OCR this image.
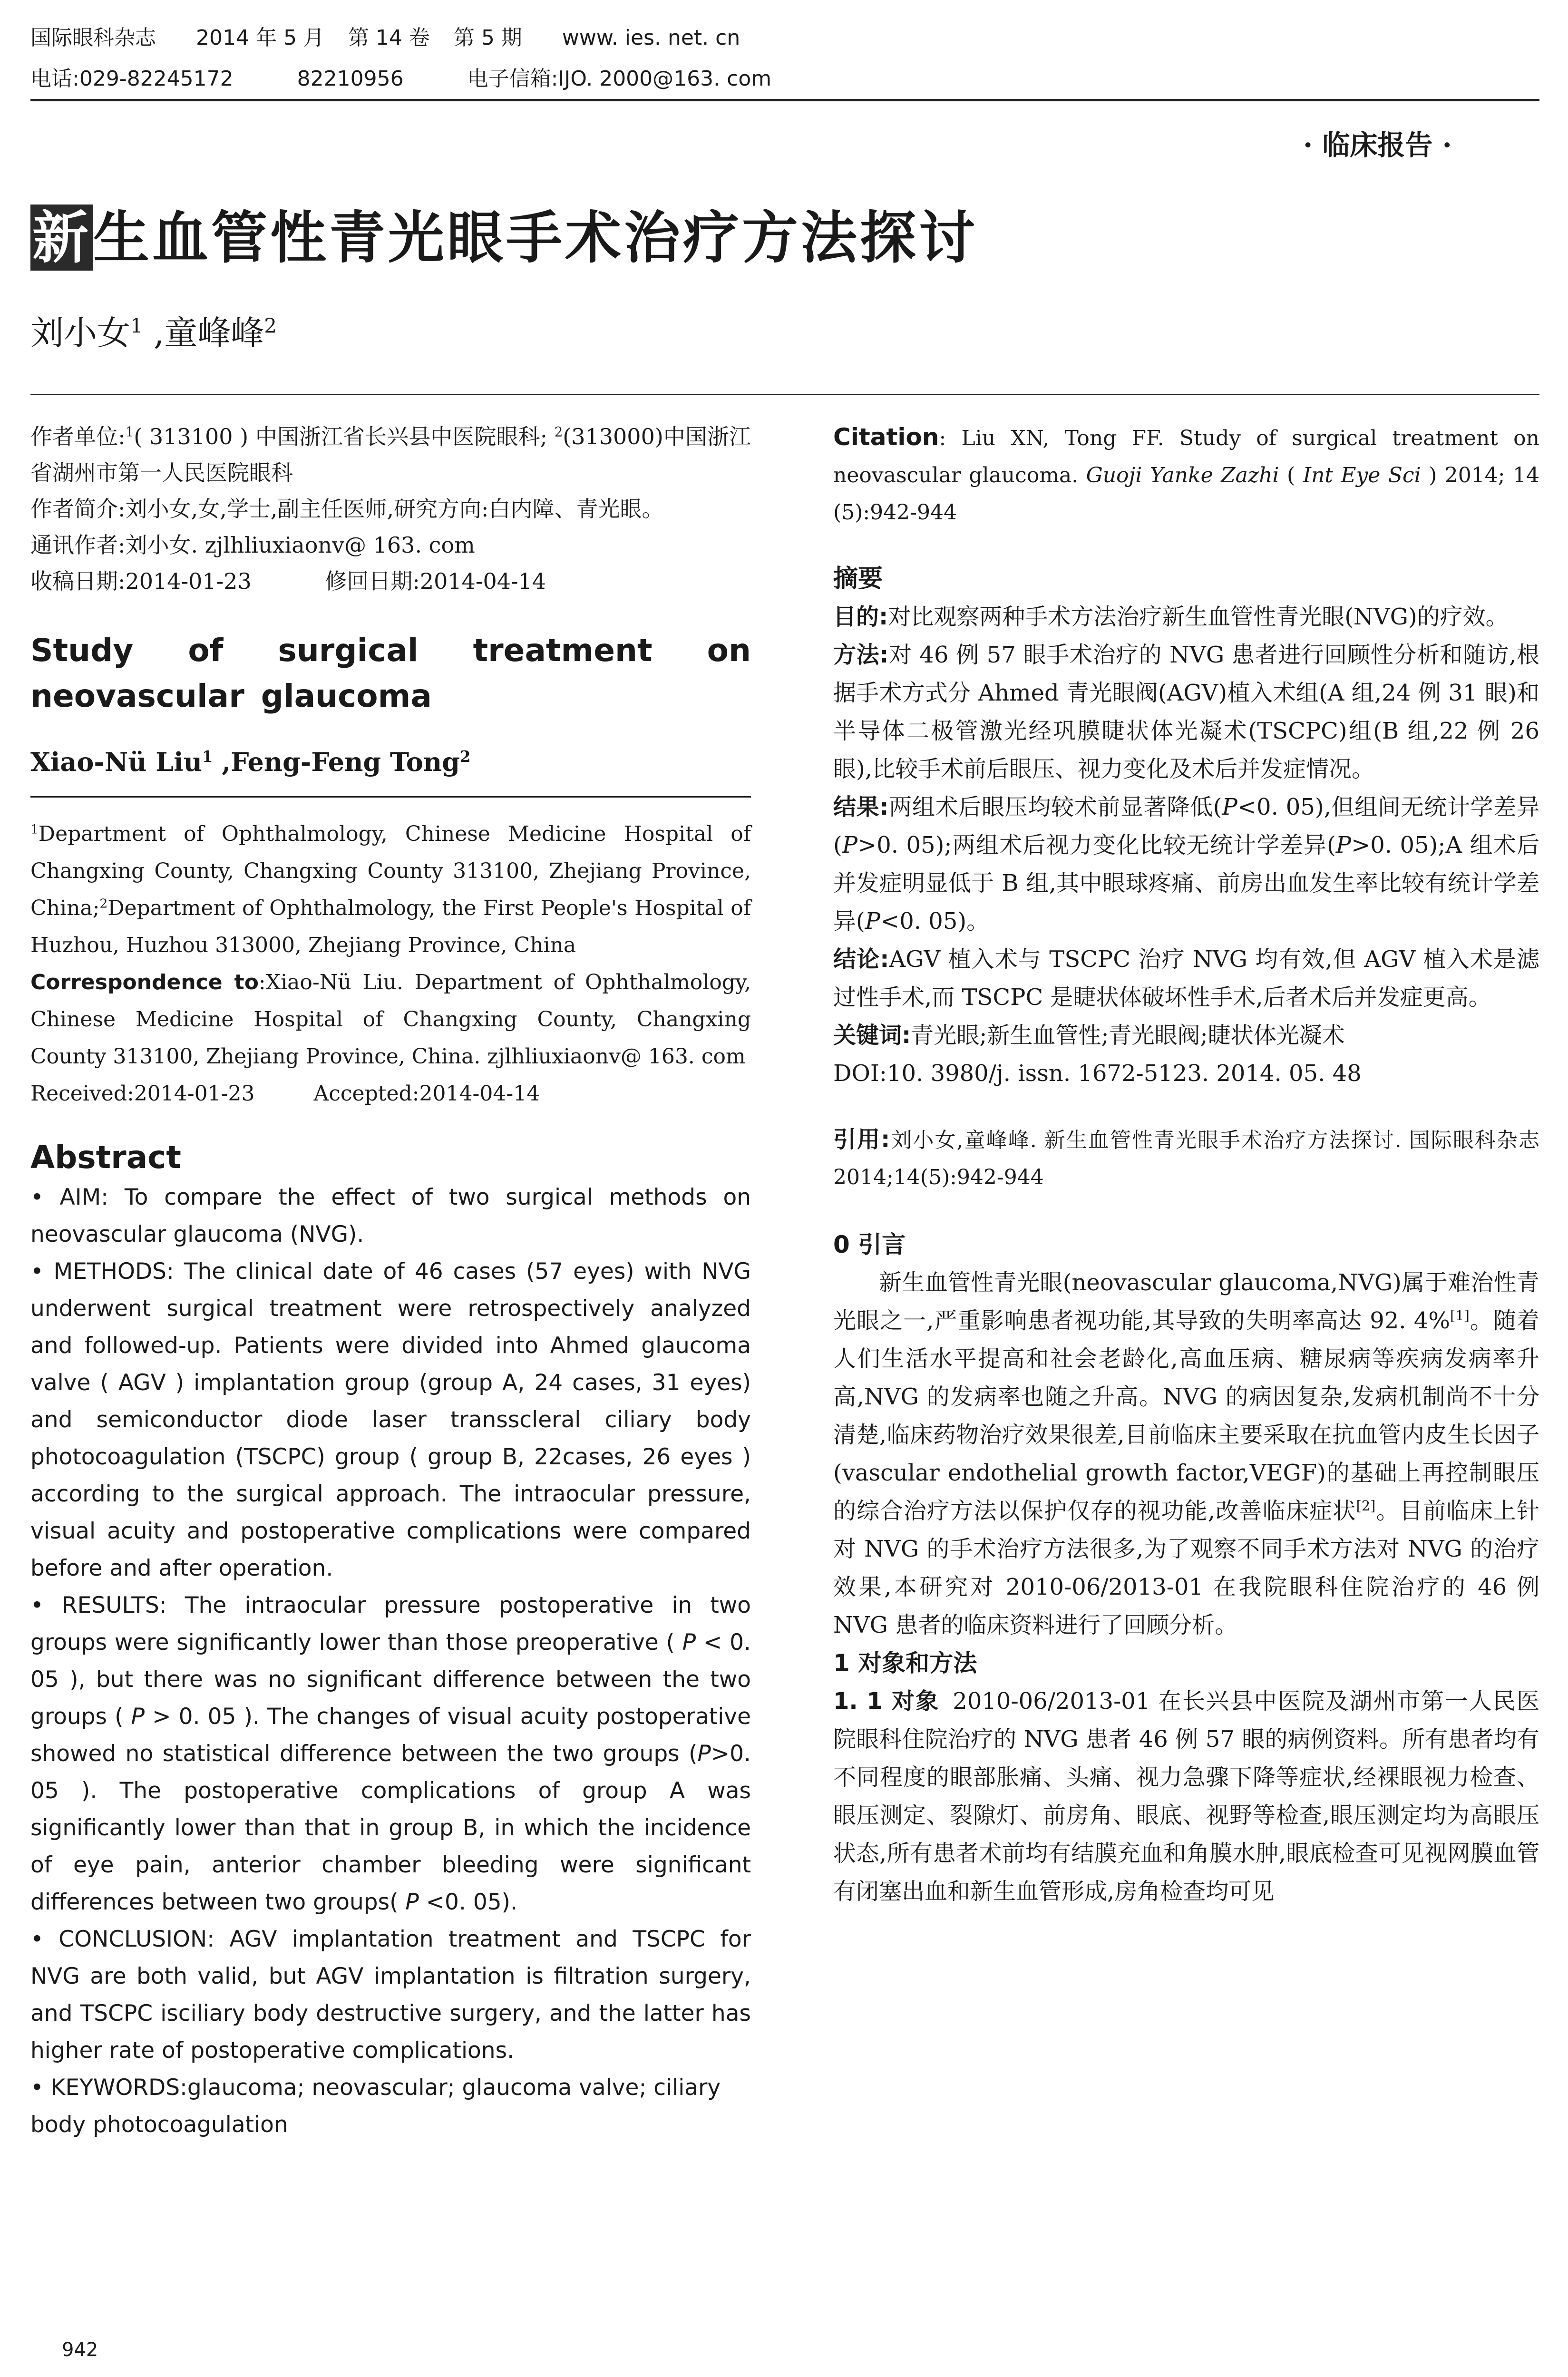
国际眼科杂志 2014 年 5 月 第 14 卷 第 5 期 www. ies. net. cn
电话:029-82245172	82210956	电子信箱:IJO. 2000@163. com
· 临床报告 ·
新生血管性青光眼手术治疗方法探讨
刘小女$^1$ ,童峰峰$^2$
作者单位:$^1$( 313100 ) 中国浙江省长兴县中医院眼科; $^2$(313000)中国浙江省湖州市第一人民医院眼科
作者简介:刘小女,女,学士,副主任医师,研究方向:白内障、青光眼。
通讯作者:刘小女. zjlhliuxiaonv@ 163. com
收稿日期:2014-01-23	修回日期:2014-04-14
Study of surgical treatment on neovascular glaucoma
Xiao-Nü Liu$^1$ ,Feng-Feng Tong$^2$
$^1$Department of Ophthalmology, Chinese Medicine Hospital of Changxing County, Changxing County 313100, Zhejiang Province, China;$^2$Department of Ophthalmology, the First People's Hospital of Huzhou, Huzhou 313000, Zhejiang Province, China
Correspondence to:Xiao-Nü Liu. Department of Ophthalmology, Chinese Medicine Hospital of Changxing County, Changxing County 313100, Zhejiang Province, China. zjlhliuxiaonv@ 163. com
Received:2014-01-23	Accepted:2014-04-14
Abstract
• AIM: To compare the effect of two surgical methods on neovascular glaucoma (NVG).
• METHODS: The clinical date of 46 cases (57 eyes) with NVG underwent surgical treatment were retrospectively analyzed and followed-up. Patients were divided into Ahmed glaucoma valve ( AGV ) implantation group (group A, 24 cases, 31 eyes) and semiconductor diode laser transscleral ciliary body photocoagulation (TSCPC) group ( group B, 22cases, 26 eyes ) according to the surgical approach. The intraocular pressure, visual acuity and postoperative complications were compared before and after operation.
• RESULTS: The intraocular pressure postoperative in two groups were significantly lower than those preoperative ( P < 0. 05 ), but there was no significant difference between the two groups ( P > 0. 05 ). The changes of visual acuity postoperative showed no statistical difference between the two groups (P>0. 05 ). The postoperative complications of group A was significantly lower than that in group B, in which the incidence of eye pain, anterior chamber bleeding were significant differences between two groups( P <0. 05).
• CONCLUSION: AGV implantation treatment and TSCPC for NVG are both valid, but AGV implantation is filtration surgery, and TSCPC isciliary body destructive surgery, and the latter has higher rate of postoperative complications.
• KEYWORDS:glaucoma; neovascular; glaucoma valve; ciliary body photocoagulation
Citation: Liu XN, Tong FF. Study of surgical treatment on neovascular glaucoma. Guoji Yanke Zazhi ( Int Eye Sci ) 2014; 14 (5):942-944
摘要
目的:对比观察两种手术方法治疗新生血管性青光眼(NVG)的疗效。
方法:对 46 例 57 眼手术治疗的 NVG 患者进行回顾性分析和随访,根据手术方式分 Ahmed 青光眼阀(AGV)植入术组(A 组,24 例 31 眼)和半导体二极管激光经巩膜睫状体光凝术(TSCPC)组(B 组,22 例 26 眼),比较手术前后眼压、视力变化及术后并发症情况。
结果:两组术后眼压均较术前显著降低(P<0. 05),但组间无统计学差异(P>0. 05);两组术后视力变化比较无统计学差异(P>0. 05);A 组术后并发症明显低于 B 组,其中眼球疼痛、前房出血发生率比较有统计学差异(P<0. 05)。
结论:AGV 植入术与 TSCPC 治疗 NVG 均有效,但 AGV 植入术是滤过性手术,而 TSCPC 是睫状体破坏性手术,后者术后并发症更高。
关键词:青光眼;新生血管性;青光眼阀;睫状体光凝术
DOI:10. 3980/j. issn. 1672-5123. 2014. 05. 48
引用:刘小女,童峰峰. 新生血管性青光眼手术治疗方法探讨. 国际眼科杂志 2014;14(5):942-944
0 引言
新生血管性青光眼(neovascular glaucoma,NVG)属于难治性青光眼之一,严重影响患者视功能,其导致的失明率高达 92. 4%[1]。随着人们生活水平提高和社会老龄化,高血压病、糖尿病等疾病发病率升高,NVG 的发病率也随之升高。NVG 的病因复杂,发病机制尚不十分清楚,临床药物治疗效果很差,目前临床主要采取在抗血管内皮生长因子(vascular endothelial growth factor,VEGF)的基础上再控制眼压的综合治疗方法以保护仅存的视功能,改善临床症状[2]。目前临床上针对 NVG 的手术治疗方法很多,为了观察不同手术方法对 NVG 的治疗效果,本研究对 2010-06/2013-01 在我院眼科住院治疗的 46 例 NVG 患者的临床资料进行了回顾分析。
1 对象和方法
1. 1 对象 2010-06/2013-01 在长兴县中医院及湖州市第一人民医院眼科住院治疗的 NVG 患者 46 例 57 眼的病例资料。所有患者均有不同程度的眼部胀痛、头痛、视力急骤下降等症状,经裸眼视力检查、眼压测定、裂隙灯、前房角、眼底、视野等检查,眼压测定均为高眼压状态,所有患者术前均有结膜充血和角膜水肿,眼底检查可见视网膜血管有闭塞出血和新生血管形成,房角检查均可见
942
